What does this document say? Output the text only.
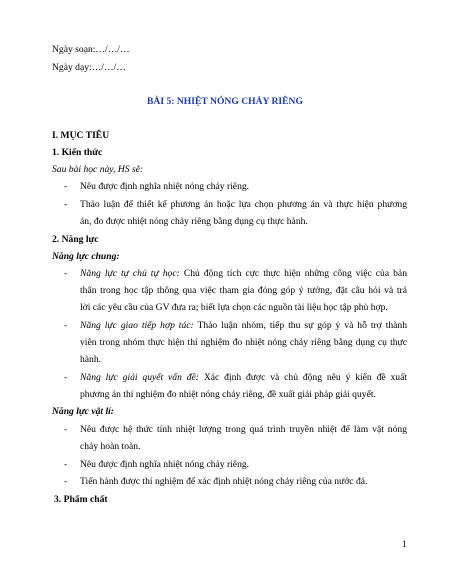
Ngày soạn:…/…/…
Ngày dạy:…/…/…
BÀI 5: NHIỆT NÓNG CHẢY RIÊNG
I. MỤC TIÊU
1. Kiến thức
Sau bài học này, HS sẽ:
- Nêu được định nghĩa nhiệt nóng chảy riêng.
- Thảo luận để thiết kế phương án hoặc lựa chọn phương án và thực hiện phương
án, đo được nhiệt nóng chảy riêng bằng dụng cụ thực hành.
2. Năng lực
Năng lực chung:
- Năng lực tự chủ tự học: Chủ động tích cực thực hiện những công việc của bản
thân trong học tập thông qua việc tham gia đóng góp ý tưởng, đặt câu hỏi và trả
lời các yêu cầu của GV đưa ra; biết lựa chọn các nguồn tài liệu học tập phù hợp.
- Năng lực giao tiếp hợp tác: Thảo luận nhóm, tiếp thu sự góp ý và hỗ trợ thành
viên trong nhóm thực hiện thí nghiệm đo nhiệt nóng chảy riêng bằng dụng cụ thực
hành.
- Năng lực giải quyết vấn đề: Xác định được và chủ động nêu ý kiến đề xuất
phương án thí nghiệm đo nhiệt nóng chảy riêng, đề xuất giải pháp giải quyết.
Năng lực vật lí:
- Nêu được hệ thức tính nhiệt lượng trong quá trình truyền nhiệt để làm vật nóng
chảy hoàn toàn.
- Nêu được định nghĩa nhiệt nóng chảy riêng.
- Tiến hành được thí nghiệm để xác định nhiệt nóng chảy riêng của nước đá.
3. Phẩm chất
1
